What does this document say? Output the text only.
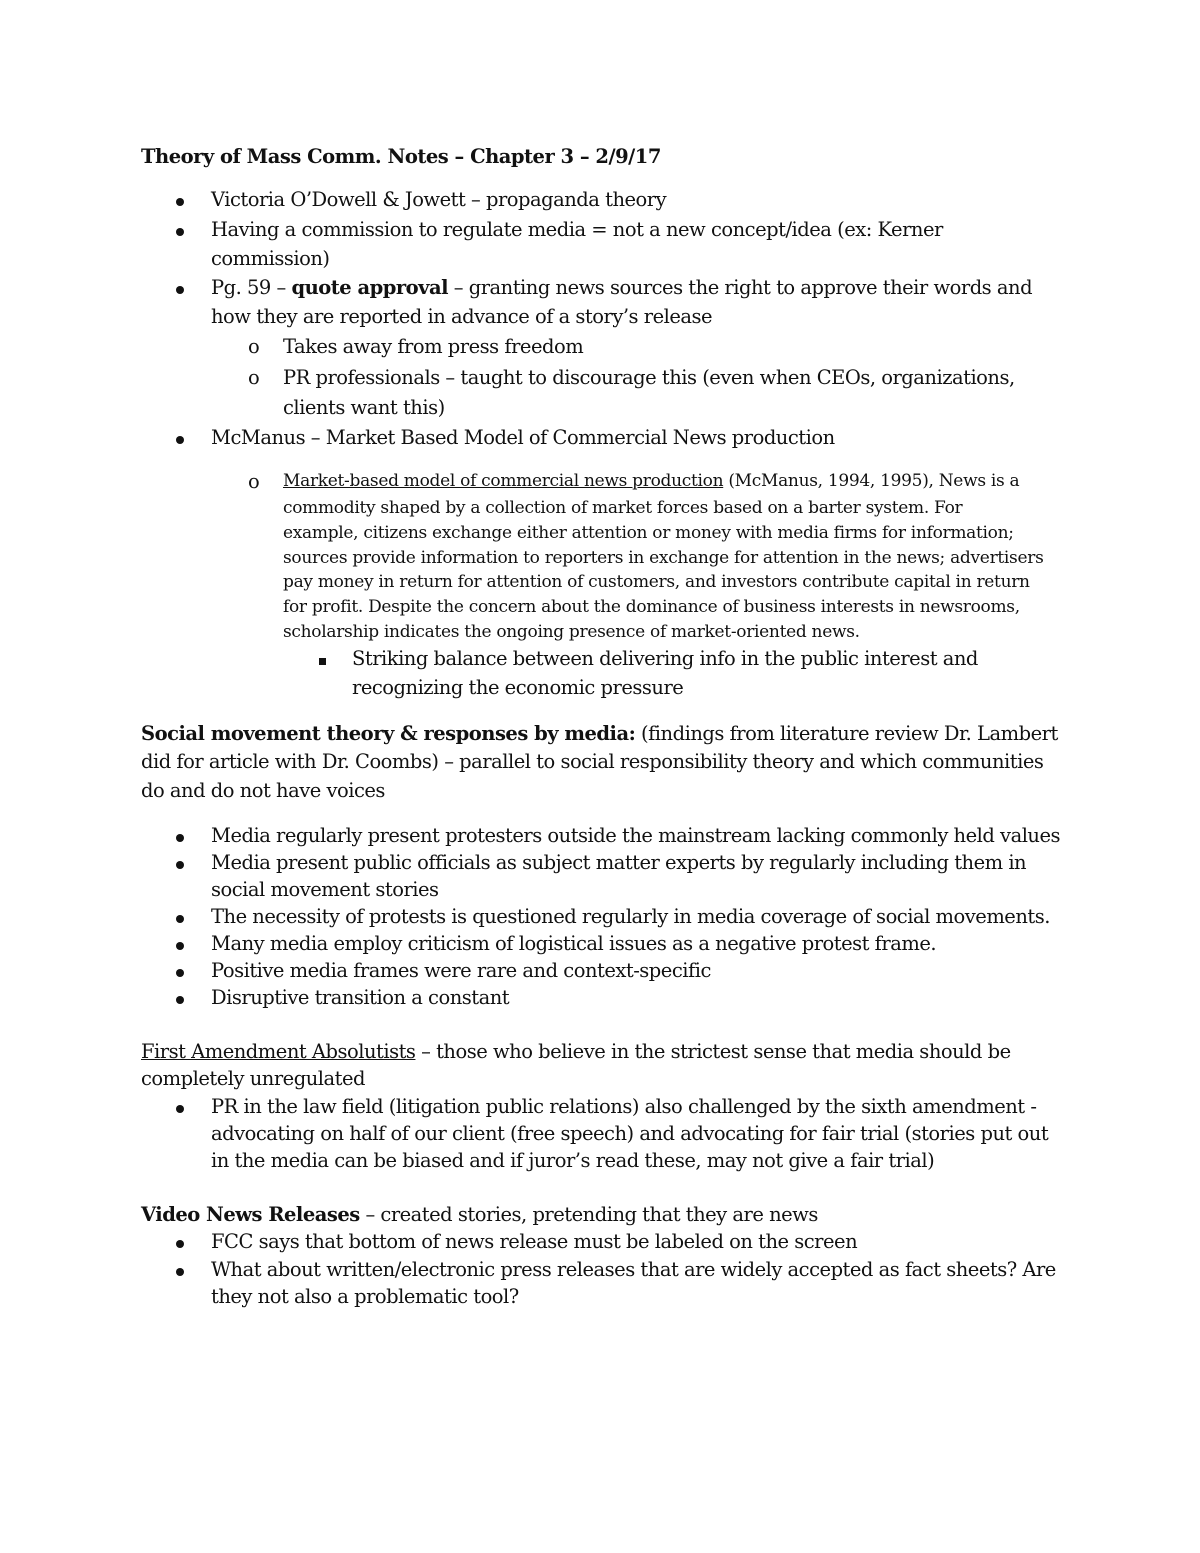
Theory of Mass Comm. Notes – Chapter 3 – 2/9/17
Victoria O’Dowell & Jowett – propaganda theory
Having a commission to regulate media = not a new concept/idea (ex: Kerner
commission)
Pg. 59 – quote approval – granting news sources the right to approve their words and
how they are reported in advance of a story’s release
o Takes away from press freedom
o PR professionals – taught to discourage this (even when CEOs, organizations,
clients want this)
McManus – Market Based Model of Commercial News production
o Market-based model of commercial news production (McManus, 1994, 1995), News is a
commodity shaped by a collection of market forces based on a barter system. For
example, citizens exchange either attention or money with media firms for information;
sources provide information to reporters in exchange for attention in the news; advertisers
pay money in return for attention of customers, and investors contribute capital in return
for profit. Despite the concern about the dominance of business interests in newsrooms,
scholarship indicates the ongoing presence of market-oriented news.
Striking balance between delivering info in the public interest and
recognizing the economic pressure
Social movement theory & responses by media: (findings from literature review Dr. Lambert
did for article with Dr. Coombs) – parallel to social responsibility theory and which communities
do and do not have voices
Media regularly present protesters outside the mainstream lacking commonly held values
Media present public officials as subject matter experts by regularly including them in
social movement stories
The necessity of protests is questioned regularly in media coverage of social movements.
Many media employ criticism of logistical issues as a negative protest frame.
Positive media frames were rare and context-specific
Disruptive transition a constant
First Amendment Absolutists – those who believe in the strictest sense that media should be
completely unregulated
PR in the law field (litigation public relations) also challenged by the sixth amendment -
advocating on half of our client (free speech) and advocating for fair trial (stories put out
in the media can be biased and if juror’s read these, may not give a fair trial)
Video News Releases – created stories, pretending that they are news
FCC says that bottom of news release must be labeled on the screen
What about written/electronic press releases that are widely accepted as fact sheets? Are
they not also a problematic tool?
